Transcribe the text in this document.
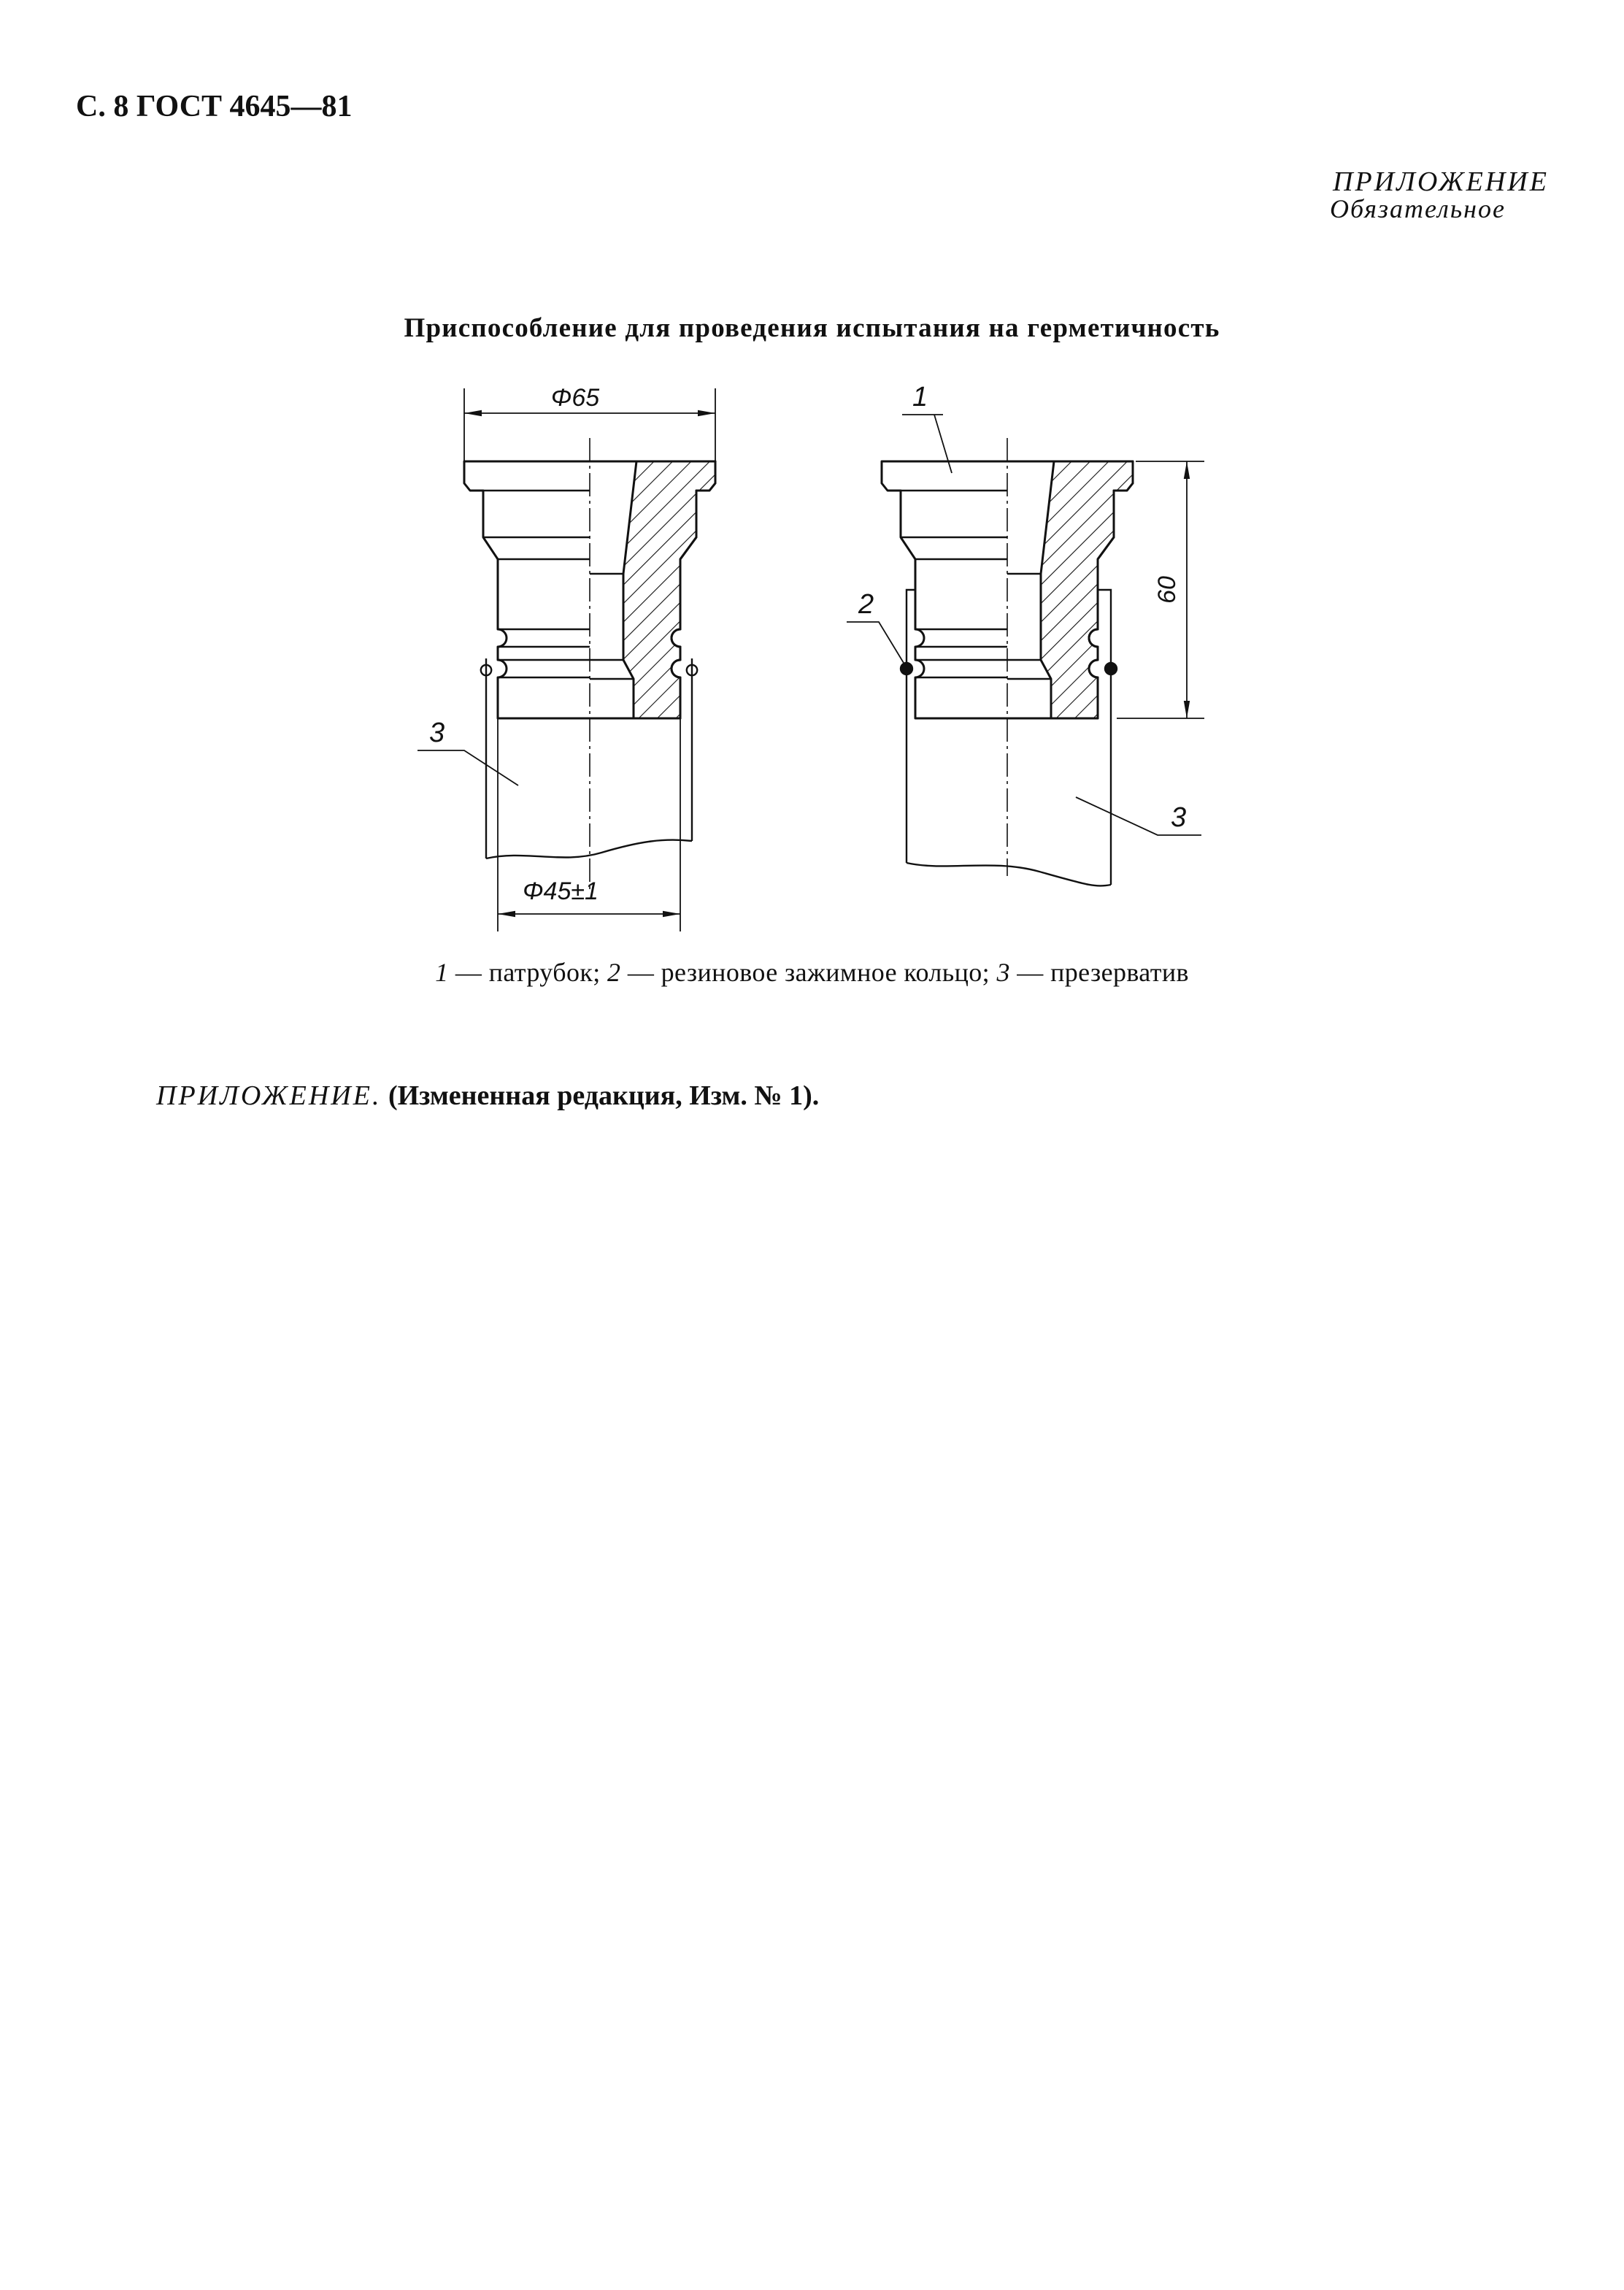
С. 8 ГОСТ 4645—81
ПРИЛОЖЕНИЕ
Обязательное
Приспособление для проведения испытания на герметичность
Φ65
Φ45±1
3
60
1
2
3
1 — патрубок; 2 — резиновое зажимное кольцо; 3 — презерватив
ПРИЛОЖЕНИЕ. (Измененная редакция, Изм. № 1).
